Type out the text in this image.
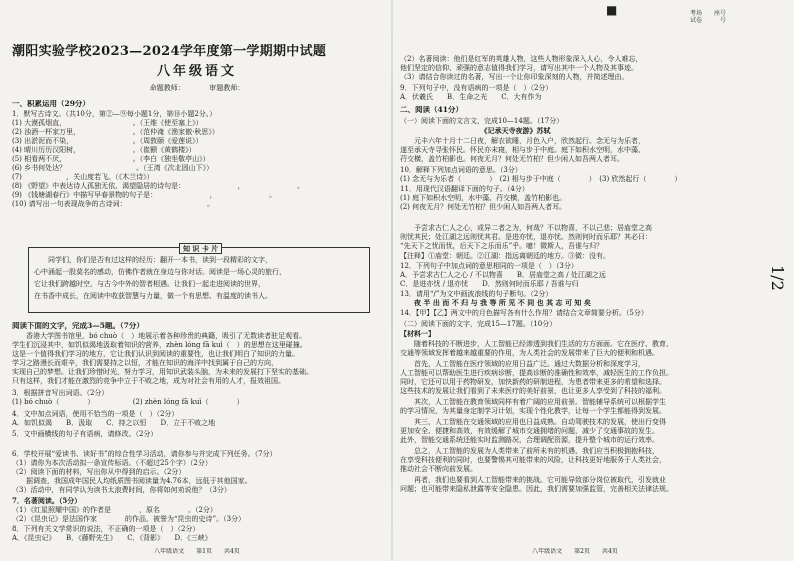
潮阳实验学校2023—2024学年度第一学期期中试题
八年级语文
命题教师：　　　　审题教师：
一、积累运用（29分）
1．默写古诗文。（共10分，第②—⑨每小题1分，第⑩小题2分。）
(1) 大漠孤烟直，　　　　　　　　　　。（王维《使至塞上》）
(2) 浊酒一杯家万里，　　　　　　　　。（范仲淹《渔家傲·秋思》）
(3) 出淤泥而不染，　　　　　　　　　。（周敦颐《爱莲说》）
(4) 晴川历历汉阳树，　　　　　　　　。（崔颢《黄鹤楼》）
(5) 相看两不厌，　　　　　　　　　　。（李白《独坐敬亭山》）
(6) 乡书何处达？　　　　　　　　　　。（王湾《次北固山下》）
(7) 　　　　　　，关山度若飞。（《木兰诗》）
(8) 《野望》中表达诗人孤独无依、渴望隐居的诗句是：　　　　　　　　，　　　　　　　　。
(9) 《钱塘湖春行》中描写早春景物的句子是：　　　　　　　　，　　　　　　　　。
(10) 请写出一句表现战争的古诗词：　　　　　　　　　　　　。
知 识 卡 片
　　同学们，你们是否有过这样的经历：翻开一本书，读到一段精彩的文字，
心中涌起一股莫名的感动，仿佛作者就在身边与你对话。阅读是一场心灵的旅行，
它让我们跨越时空，与古今中外的智者相遇。让我们一起走进阅读的世界，
在书香中成长，在阅读中收获智慧与力量，做一个有思想、有温度的读书人。
阅读下面的文字，完成3—5题。（7分）
　　香港大学图书馆里，bó chuò（　）地展示着各种珍贵的典籍，吸引了无数读者驻足观看。
学生们沉浸其中，如饥似渴地汲取着知识的营养，zhèn lóng fā kuì（　）的思想在这里碰撞。
这是一个值得我们学习的地方，它让我们认识到阅读的重要性，也让我们明白了知识的力量。
学习之路漫长而艰辛，我们需要持之以恒，才能在知识的海洋中找到属于自己的方向，
实现自己的梦想。让我们珍惜时光，努力学习，用知识武装头脑，为未来的发展打下坚实的基础。
只有这样，我们才能在激烈的竞争中立于不败之地，成为对社会有用的人才，报效祖国。
3．根据拼音写出词语。（2分）
(1) bó chuò（　　　　）　　　　　　(2) zhèn lóng fā kuì（　　　　）
4．文中加点词语，使用不恰当的一项是（　）（2分）
A．如饥似渴　　B．汲取　　C．持之以恒　　D．立于不败之地
5．文中画横线的句子有语病，请修改。（2分）

6．学校开展“爱读书、读好书”的综合性学习活动，请你参与并完成下列任务。（7分）
（1）请你为本次活动拟一条宣传标语。（不超过25个字）（2分）
（2）阅读下面的材料，写出你从中得到的启示。（2分）
　　据调查，我国成年国民人均纸质图书阅读量为4.76本，远低于其他国家。
（3）活动中，有同学认为读书太浪费时间，你将如何劝说他？（3分）
7．名著阅读。（5分）
（1）《红星照耀中国》的作者是　　　　，原名　　　　。（2分）
（2）《昆虫记》是法国作家　　　　的作品，被誉为“昆虫的史诗”。（3分）
8．下列有关文学常识的说法，不正确的一项是（　）（2分）
A．《昆虫记》　　B．《藤野先生》　　C．《背影》　　D．《三峡》
八年级语文　　第1页　　共4页
（2）名著阅读：他们是红军的英雄人物，这些人物形象深入人心，令人难忘，
他们坚定的信仰、顽强的意志值得我们学习，请写出其中一个人物及其事迹。
（3）请结合你读过的名著，写出一个让你印象深刻的人物，并简述理由。
9．下列句子中，没有语病的一项是（　）（2分）
A．伏羲氏　　B．生命之光　　C．大有作为
二、阅读（41分）
（一）阅读下面的文言文，完成10—14题。（17分）
　　　　　　　　　　　　《记承天寺夜游》苏轼
　　元丰六年十月十二日夜，解衣欲睡，月色入户，欣然起行。念无与为乐者，
遂至承天寺寻张怀民。怀民亦未寝，相与步于中庭。庭下如积水空明，水中藻、
荇交横，盖竹柏影也。何夜无月？何处无竹柏？但少闲人如吾两人者耳。
10．解释下列加点词语的意思。（3分）
(1) 念无与为乐者（　　　　）　(2) 相与步于中庭（　　　　）　(3) 欣然起行（　　　　）
11．用现代汉语翻译下面的句子。（4分）
(1) 庭下如积水空明，水中藻、荇交横，盖竹柏影也。
(2) 何夜无月？何处无竹柏？但少闲人如吾两人者耳。

　　予尝求古仁人之心，或异二者之为，何哉？不以物喜，不以己悲；居庙堂之高
则忧其民；处江湖之远则忧其君。是进亦忧，退亦忧。然则何时而乐耶？其必曰：
“先天下之忧而忧，后天下之乐而乐”乎。噫！微斯人，吾谁与归？
【注释】①庙堂：朝廷。②江湖：指远离朝廷的地方。③微：没有。
12．下列句子中加点词的意思相同的一项是（　）（3分）
A．予尝求古仁人之心 / 不以物喜　　B．居庙堂之高 / 处江湖之远
C．是进亦忧 / 退亦忧　　D．然则何时而乐耶 / 吾谁与归
13．请用“/”为文中画波浪线的句子断句。（2分）
　　夜 半 出 而 不 归 与 我 等 所 见 不 同 也 其 志 可 知 矣
14．【甲】【乙】两文中的月色描写各有什么作用？请结合文章简要分析。（5分）
（二）阅读下面的文字，完成15—17题。（10分）
【材料一】
　　随着科技的不断进步，人工智能已经渗透到我们生活的方方面面。它在医疗、教育、
交通等领域发挥着越来越重要的作用，为人类社会的发展带来了巨大的便利和机遇。
　　首先，人工智能在医疗领域的应用日益广泛。通过大数据分析和深度学习，
人工智能可以帮助医生进行疾病诊断，提高诊断的准确性和效率，减轻医生的工作负担。
同时，它还可以用于药物研发，加快新药的研制进程，为患者带来更多的希望和选择。
这些技术的发展让我们看到了未来医疗的美好前景，也让更多人享受到了科技的福利。
　　其次，人工智能在教育领域同样有着广阔的应用前景。智能辅导系统可以根据学生
的学习情况，为其量身定制学习计划，实现个性化教学，让每一个学生都能得到发展。
　　其三，人工智能在交通领域的应用也日益成熟。自动驾驶技术的发展，使出行变得
更加安全、便捷和高效，有效缓解了城市交通拥堵的问题，减少了交通事故的发生。
此外，智能交通系统还能实时监测路况，合理调配资源，提升整个城市的运行效率。
　　总之，人工智能的发展为人类带来了前所未有的机遇，我们应当积极拥抱科技，
在享受科技便利的同时，也要警惕其可能带来的风险，让科技更好地服务于人类社会，
推动社会不断向前发展。
　　再者，我们也要看到人工智能带来的挑战。它可能导致部分岗位被取代，引发就业
问题；也可能带来隐私泄露等安全隐患。因此，我们需要加强监管，完善相关法律法规。

八年级语文　　第2页　　共4页
■	考场　　座号
试卷　　　号
1/2
